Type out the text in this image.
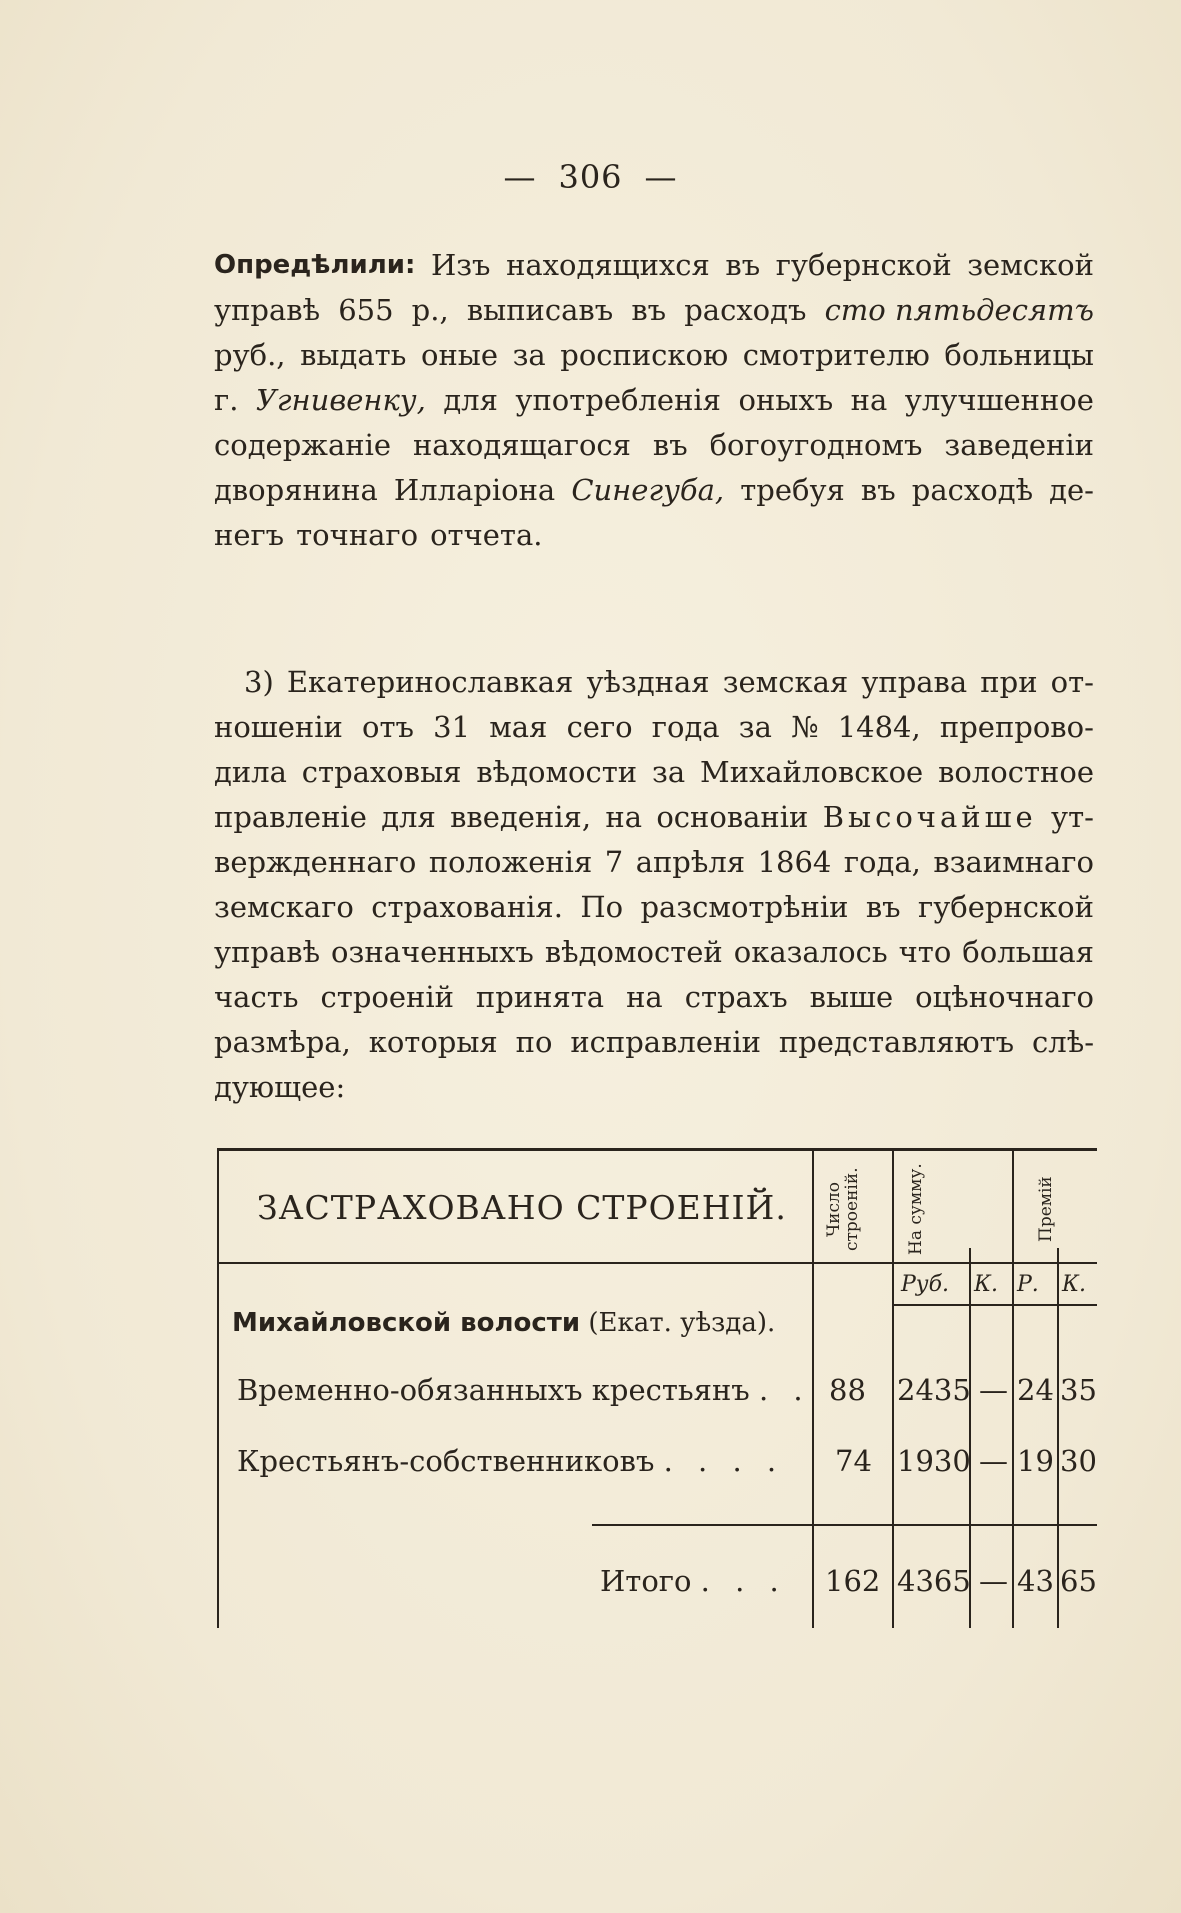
— 306 —
Опредѣлили: Изъ находящихся въ губернской земской
управѣ 655 р., выписавъ въ расходъ сто пятьдесятъ
руб., выдать оные за роспискою смотрителю больницы
г. Угнивенку, для употребленія оныхъ на улучшенное
содержаніе находящагося въ богоугодномъ заведеніи
дворянина Илларіона Синегуба, требуя въ расходѣ де-
негъ точнаго отчета.
3) Екатеринославкая уѣздная земская управа при от-
ношеніи отъ 31 мая сего года за № 1484, препрово-
дила страховыя вѣдомости за Михайловское волостное
правленіе для введенія, на основаніи Высочайше ут-
вержденнаго положенія 7 апрѣля 1864 года, взаимнаго
земскаго страхованія. По разсмотрѣніи въ губернской
управѣ означенныхъ вѣдомостей оказалось что большая
часть строеній принята на страхъ выше оцѣночнаго
размѣра, которыя по исправленіи представляютъ слѣ-
дующее:
ЗАСТРАХОВАНО СТРОЕНІЙ. Число строеній.	На сумму.	Премій
Руб. К. Р. К.
Михайловской волости (Екат. уѣзда).
Временно-обязанныхъ крестьянъ . . 88 2435 — 24 35
Крестьянъ-собственниковъ . . . . 74 1930 — 19 30
Итого . . . 162 4365 — 43 65
